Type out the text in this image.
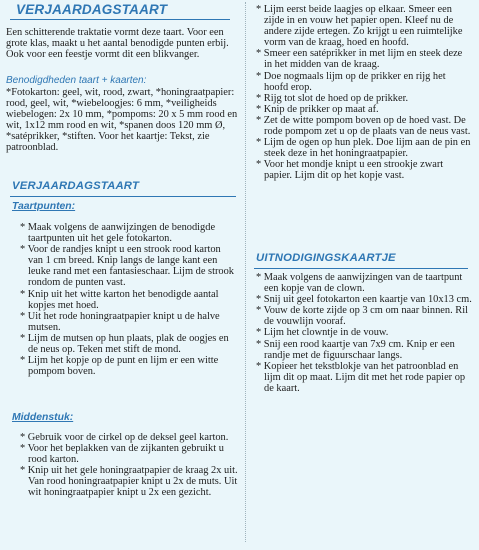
VERJAARDAGSTAART

Een schitterende traktatie vormt deze taart. Voor een grote klas, maakt u het aantal benodigde punten erbij. Ook voor een feestje vormt dit een blikvanger.

Benodigdheden taart + kaarten:

*Fotokarton: geel, wit, rood, zwart, *honingraatpapier: rood, geel, wit, *wiebeloogjes: 6 mm, *veiligheids wiebelogen: 2x 10 mm, *pompoms: 20 x 5 mm rood en wit, 1x12 mm rood en wit, *spanen doos 120 mm Ø, *satéprikker, *stiften. Voor het kaartje: Tekst, zie patroonblad.

VERJAARDAGSTAART

Taartpunten:

* Maak volgens de aanwijzingen de benodigde taartpunten uit het gele fotokarton.

* Voor de randjes knipt u een strook rood karton van 1 cm breed. Knip langs de lange kant een leuke rand met een fantasieschaar. Lijm de strook rondom de punten vast.

* Knip uit het witte karton het benodigde aantal kopjes met hoed.

* Uit het rode honingraatpapier knipt u de halve mutsen.

* Lijm de mutsen op hun plaats, plak de oogjes en de neus op. Teken met stift de mond.

* Lijm het kopje op de punt en lijm er een witte pompom boven.

Middenstuk:

* Gebruik voor de cirkel op de deksel geel karton.

* Voor het beplakken van de zijkanten gebruikt u rood karton.

* Knip uit het gele honingraatpapier de kraag 2x uit. Van rood honingraatpapier knipt u 2x de muts. Uit wit honingraatpapier knipt u 2x een gezicht.

* Lijm eerst beide laagjes op elkaar. Smeer een zijde in en vouw het papier open. Kleef nu de andere zijde ertegen. Zo krijgt u een ruimtelijke vorm van de kraag, hoed en hoofd.

* Smeer een satéprikker in met lijm en steek deze in het midden van de kraag.

* Doe nogmaals lijm op de prikker en rijg het hoofd erop.

* Rijg tot slot de hoed op de prikker.

* Knip de prikker op maat af.

* Zet de witte pompom boven op de hoed vast. De rode pompom zet u op de plaats van de neus vast.

* Lijm de ogen op hun plek. Doe lijm aan de pin en steek deze in het honingraatpapier.

* Voor het mondje knipt u een strookje zwart papier. Lijm dit op het kopje vast.

UITNODIGINGSKAARTJE

* Maak volgens de aanwijzingen van de taartpunt een kopje van de clown.

* Snij uit geel fotokarton een kaartje van 10x13 cm.

* Vouw de korte zijde op 3 cm om naar binnen. Ril de vouwlijn vooraf.

* Lijm het clowntje in de vouw.

* Snij een rood kaartje van 7x9 cm. Knip er een randje met de figuurschaar langs.

* Kopieer het tekstblokje van het patroonblad en lijm dit op maat. Lijm dit met het rode papier op de kaart.
